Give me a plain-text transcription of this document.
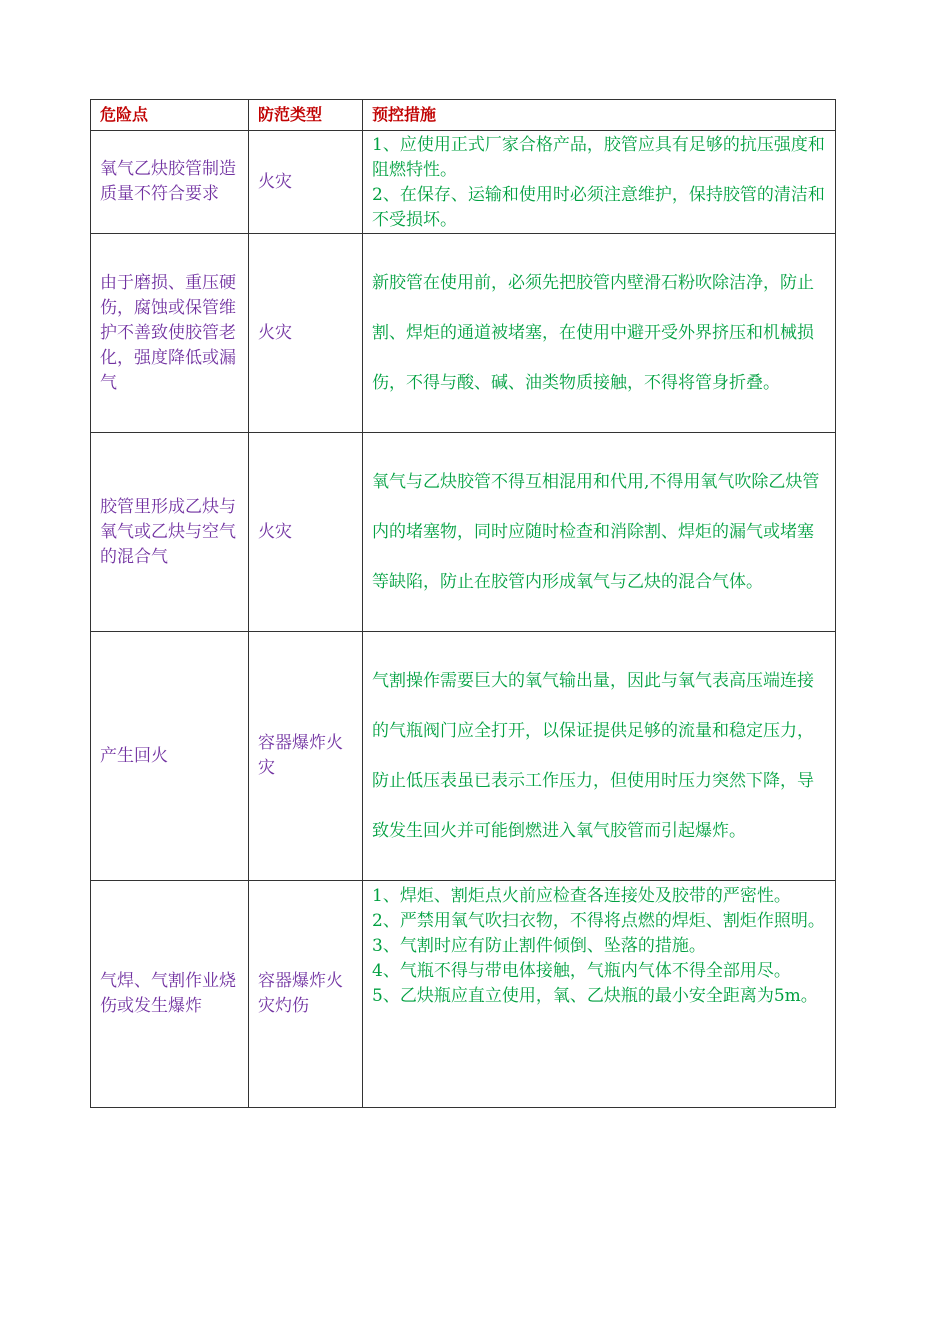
危险点	防范类型	预控措施
氧气乙炔胶管制造质量不符合要求	火灾	1、应使用正式厂家合格产品，胶管应具有足够的抗压强度和阻燃特性。
2、在保存、运输和使用时必须注意维护，保持胶管的清洁和不受损坏。

由于磨损、重压硬伤，腐蚀或保管维护不善致使胶管老化，强度降低或漏气	火灾	新胶管在使用前，必须先把胶管内壁滑石粉吹除洁净，防止割、焊炬的通道被堵塞，在使用中避开受外界挤压和机械损伤，不得与酸、碱、油类物质接触，不得将管身折叠。

胶管里形成乙炔与氧气或乙炔与空气的混合气	火灾	氧气与乙炔胶管不得互相混用和代用,不得用氧气吹除乙炔管内的堵塞物，同时应随时检查和消除割、焊炬的漏气或堵塞等缺陷，防止在胶管内形成氧气与乙炔的混合气体。

产生回火	容器爆炸火灾	气割操作需要巨大的氧气输出量，因此与氧气表高压端连接的气瓶阀门应全打开，以保证提供足够的流量和稳定压力，防止低压表虽已表示工作压力，但使用时压力突然下降，导致发生回火并可能倒燃进入氧气胶管而引起爆炸。

气焊、气割作业烧伤或发生爆炸	容器爆炸火灾灼伤	1、焊炬、割炬点火前应检查各连接处及胶带的严密性。
2、严禁用氧气吹扫衣物，不得将点燃的焊炬、割炬作照明。
3、气割时应有防止割件倾倒、坠落的措施。
4、气瓶不得与带电体接触，气瓶内气体不得全部用尽。
5、乙炔瓶应直立使用，氧、乙炔瓶的最小安全距离为5m。
